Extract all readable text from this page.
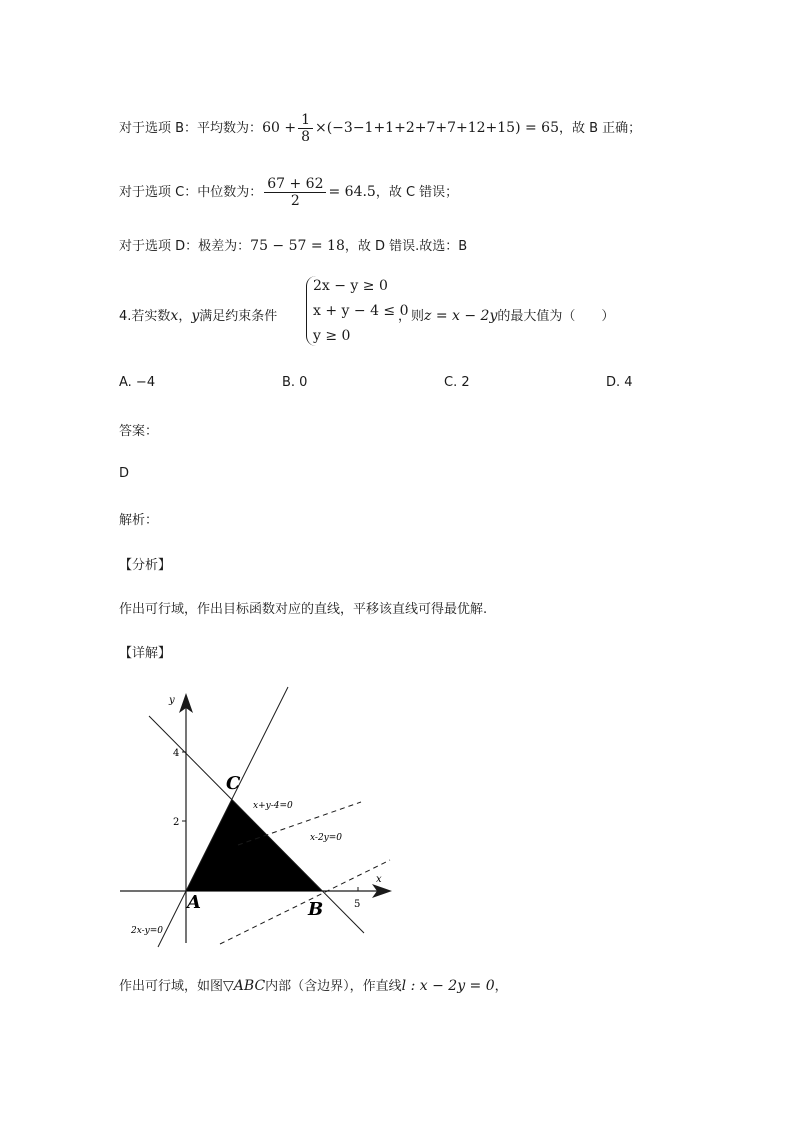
对于选项 B：平均数为：$60 + \frac{1}{8} \times(-3-1+1+2+7+7+12+15) = 65$，故 B 正确；
对于选项 C：中位数为： $\frac{67 + 62}{2} = 64.5$，故 C 错误；
对于选项 D：极差为：75 − 57 = 18，故 D 错误.故选：B
4.若实数x，y满足约束条件
2x − y ≥ 0
x + y − 4 ≤ 0
y ≥ 0
，则z = x − 2y的最大值为（　　）
A. −4	B. 0	C. 2	D. 4
答案：
D
解析：
【分析】
作出可行域，作出目标函数对应的直线，平移该直线可得最优解.
【详解】
y
x
4
2
5
C
A	B
x+y-4=0
x-2y=0
2x-y=0
作出可行域，如图▽ABC内部（含边界），作直线l : x − 2y = 0，
